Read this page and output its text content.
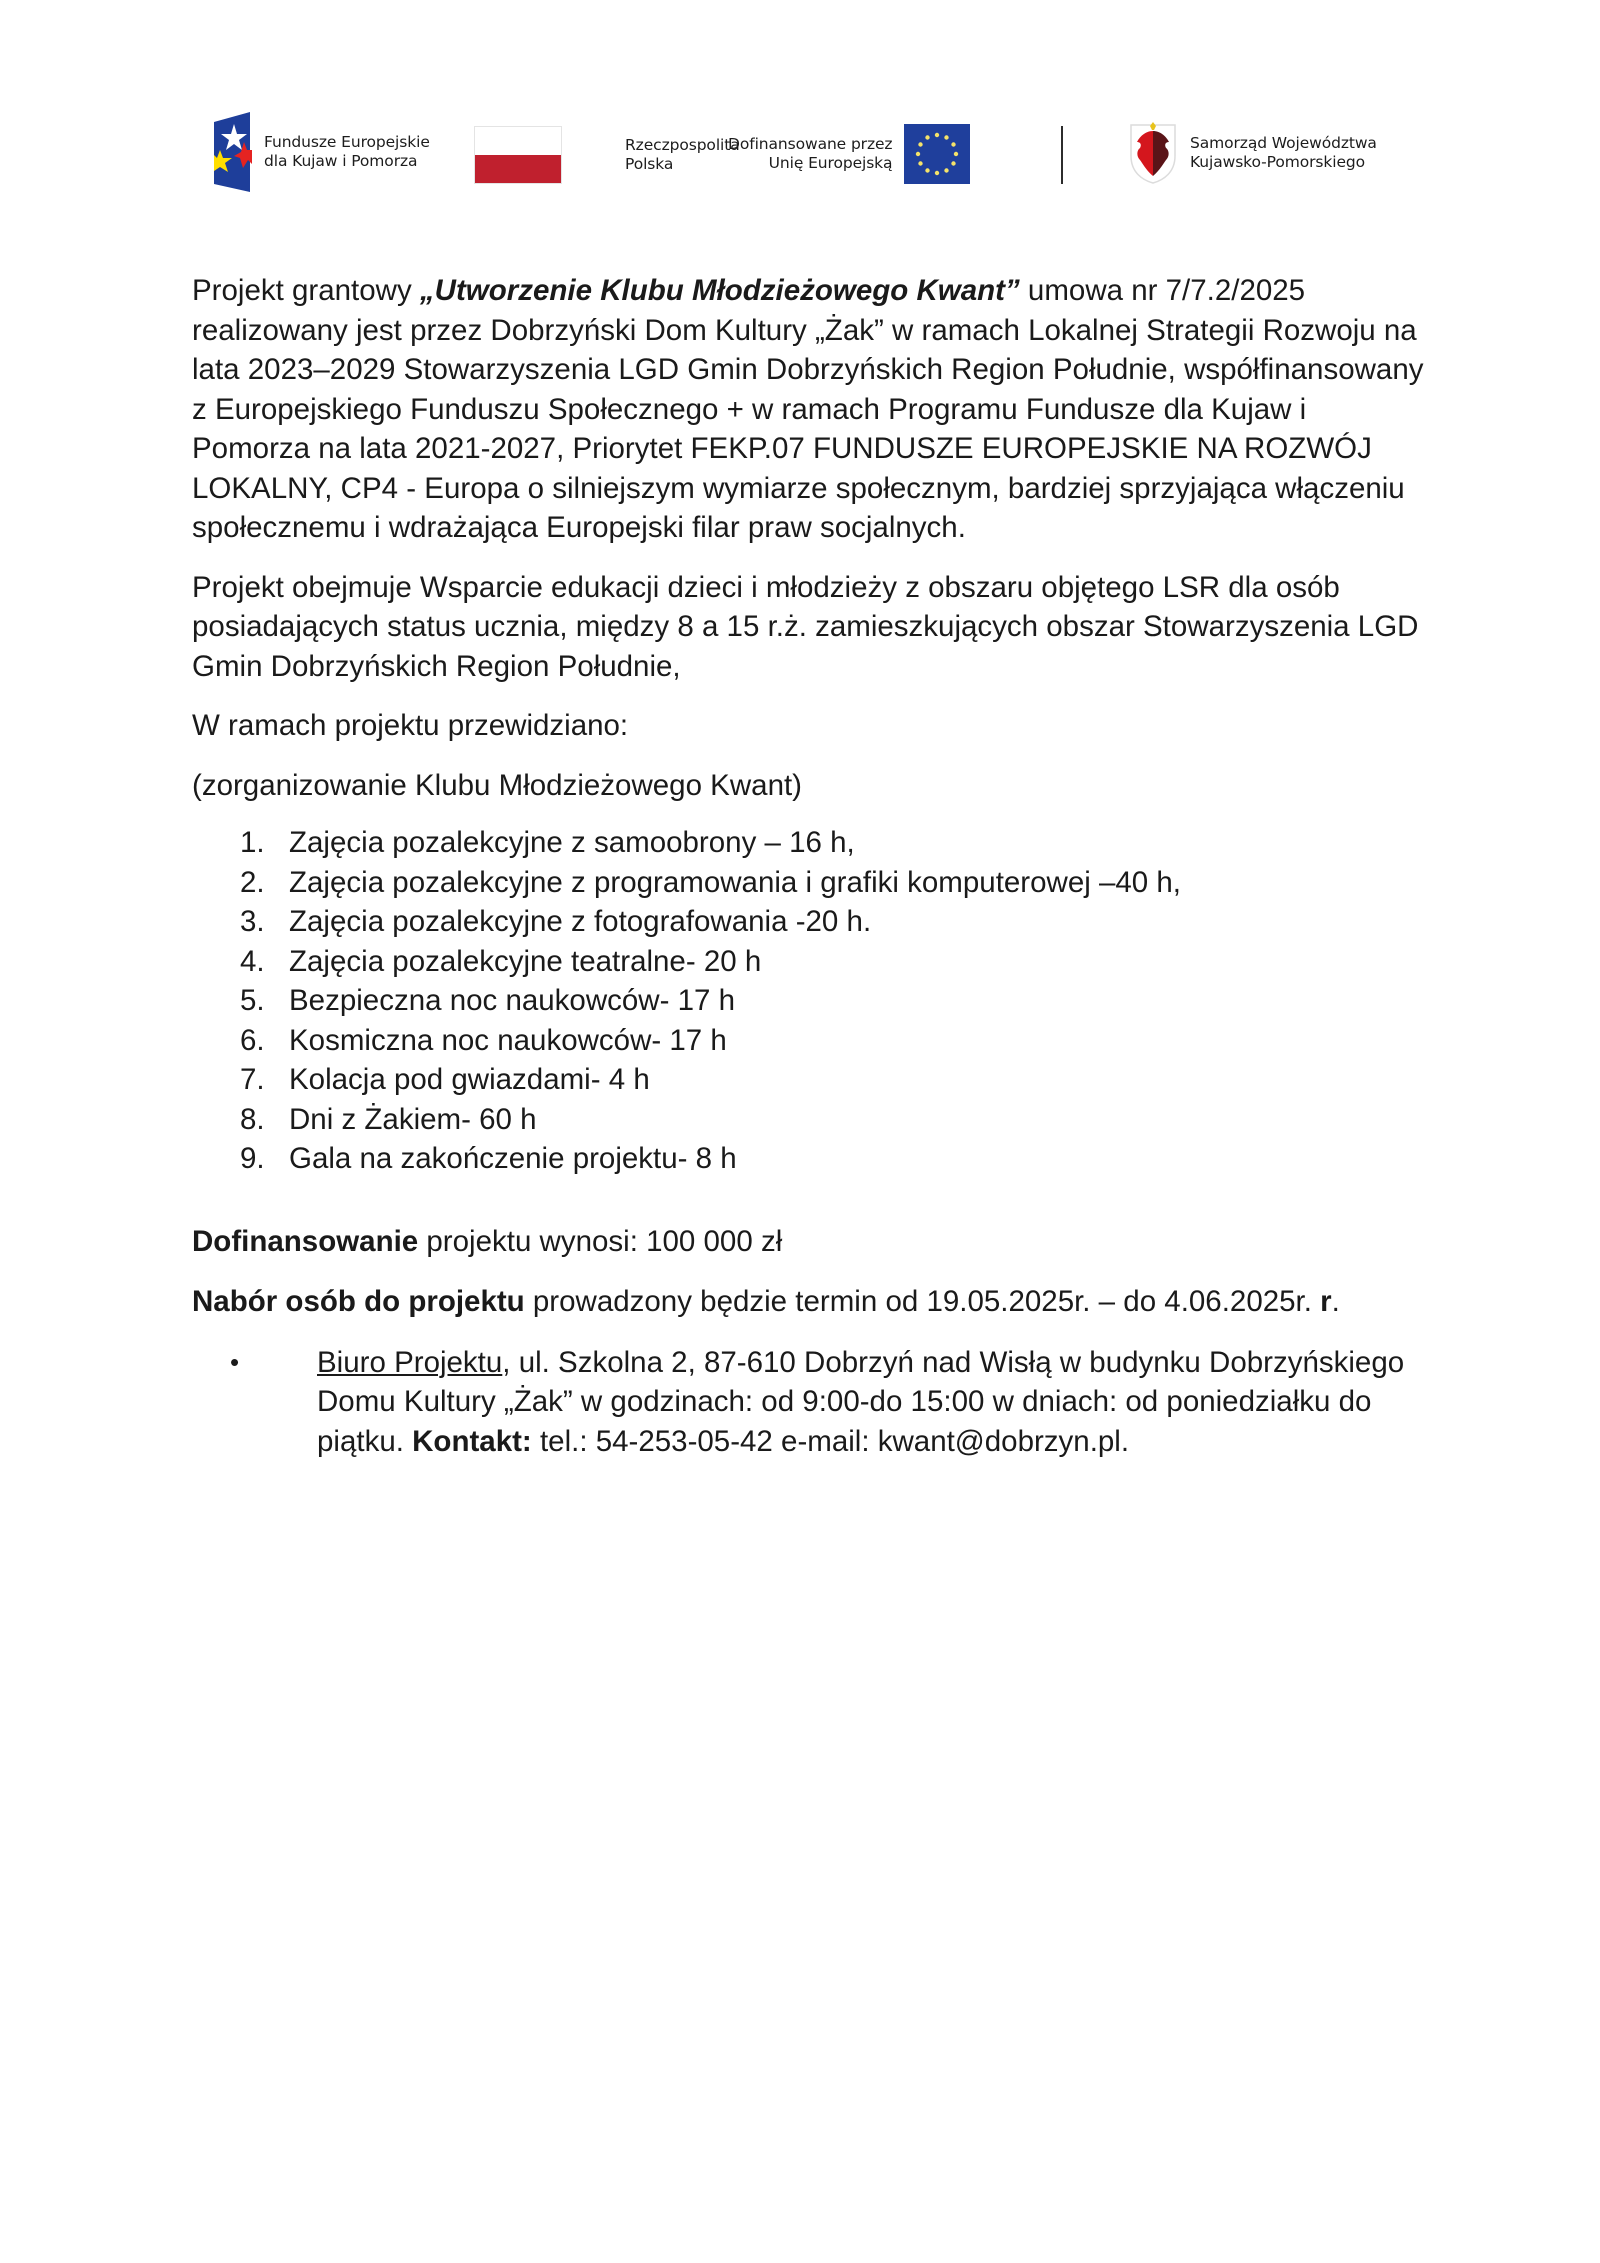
Fundusze Europejskie
dla Kujaw i Pomorza
Rzeczpospolita
Polska
Dofinansowane przez
Unię Europejską
Samorząd Województwa
Kujawsko-Pomorskiego

Projekt grantowy „Utworzenie Klubu Młodzieżowego Kwant” umowa nr 7/7.2/2025 realizowany jest przez Dobrzyński Dom Kultury „Żak” w ramach Lokalnej Strategii Rozwoju na lata 2023–2029 Stowarzyszenia LGD Gmin Dobrzyńskich Region Południe, współfinansowany z Europejskiego Funduszu Społecznego + w ramach Programu Fundusze dla Kujaw i Pomorza na lata 2021-2027, Priorytet FEKP.07 FUNDUSZE EUROPEJSKIE NA ROZWÓJ LOKALNY, CP4 - Europa o silniejszym wymiarze społecznym, bardziej sprzyjająca włączeniu społecznemu i wdrażająca Europejski filar praw socjalnych.

Projekt obejmuje Wsparcie edukacji dzieci i młodzieży z obszaru objętego LSR dla osób posiadających status ucznia, między 8 a 15 r.ż. zamieszkujących obszar Stowarzyszenia LGD Gmin Dobrzyńskich Region Południe,

W ramach projektu przewidziano:

(zorganizowanie Klubu Młodzieżowego Kwant)

1. Zajęcia pozalekcyjne z samoobrony – 16 h,
2. Zajęcia pozalekcyjne z programowania i grafiki komputerowej –40 h,
3. Zajęcia pozalekcyjne z fotografowania -20 h.
4. Zajęcia pozalekcyjne teatralne- 20 h
5. Bezpieczna noc naukowców- 17 h
6. Kosmiczna noc naukowców- 17 h
7. Kolacja pod gwiazdami- 4 h
8. Dni z Żakiem- 60 h
9. Gala na zakończenie projektu- 8 h

Dofinansowanie projektu wynosi: 100 000 zł

Nabór osób do projektu prowadzony będzie termin od 19.05.2025r. – do 4.06.2025r. r.

•	Biuro Projektu, ul. Szkolna 2, 87-610 Dobrzyń nad Wisłą w budynku Dobrzyńskiego Domu Kultury „Żak” w godzinach: od 9:00-do 15:00 w dniach: od poniedziałku do piątku. Kontakt: tel.: 54-253-05-42 e-mail: kwant@dobrzyn.pl.
